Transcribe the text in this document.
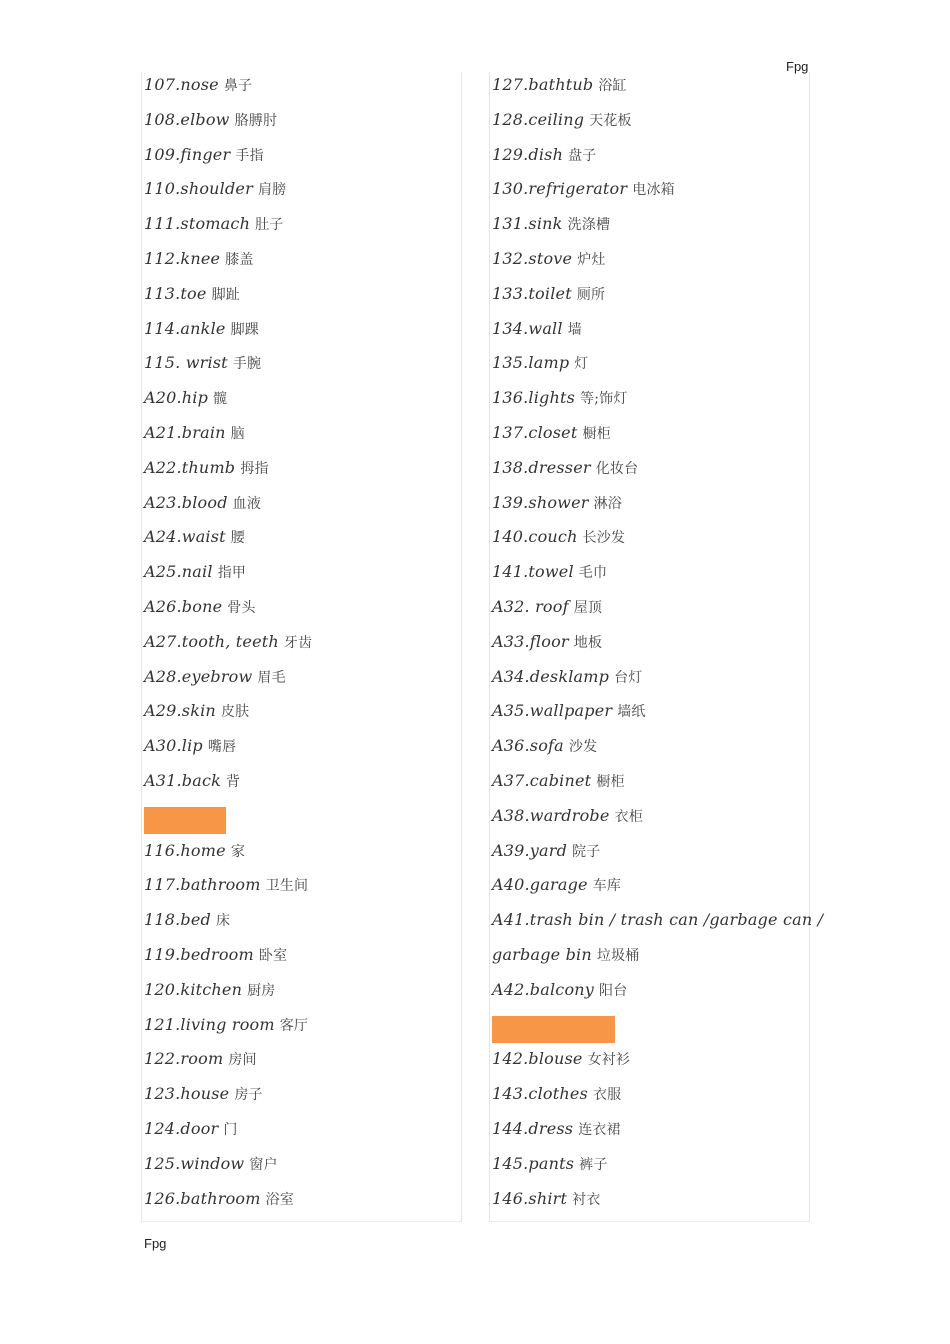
Fpg
107.nose 鼻子
108.elbow 胳膊肘
109.finger 手指
110.shoulder 肩膀
111.stomach 肚子
112.knee 膝盖
113.toe 脚趾
114.ankle 脚踝
115. wrist 手腕
A20.hip 髋
A21.brain 脑
A22.thumb 拇指
A23.blood 血液
A24.waist 腰
A25.nail 指甲
A26.bone 骨头
A27.tooth, teeth 牙齿
A28.eyebrow 眉毛
A29.skin 皮肤
A30.lip 嘴唇
A31.back 背
116.home 家
117.bathroom 卫生间
118.bed 床
119.bedroom 卧室
120.kitchen 厨房
121.living room 客厅
122.room 房间
123.house 房子
124.door 门
125.window 窗户
126.bathroom 浴室
127.bathtub 浴缸
128.ceiling 天花板
129.dish 盘子
130.refrigerator 电冰箱
131.sink 洗涤槽
132.stove 炉灶
133.toilet 厕所
134.wall 墙
135.lamp 灯
136.lights 等;饰灯
137.closet 橱柜
138.dresser 化妆台
139.shower 淋浴
140.couch 长沙发
141.towel 毛巾
A32. roof 屋顶
A33.floor 地板
A34.desklamp 台灯
A35.wallpaper 墙纸
A36.sofa 沙发
A37.cabinet 橱柜
A38.wardrobe 衣柜
A39.yard 院子
A40.garage 车库
A41.trash bin / trash can /garbage can /
garbage bin 垃圾桶
A42.balcony 阳台
142.blouse 女衬衫
143.clothes 衣服
144.dress 连衣裙
145.pants 裤子
146.shirt 衬衣
Fpg
